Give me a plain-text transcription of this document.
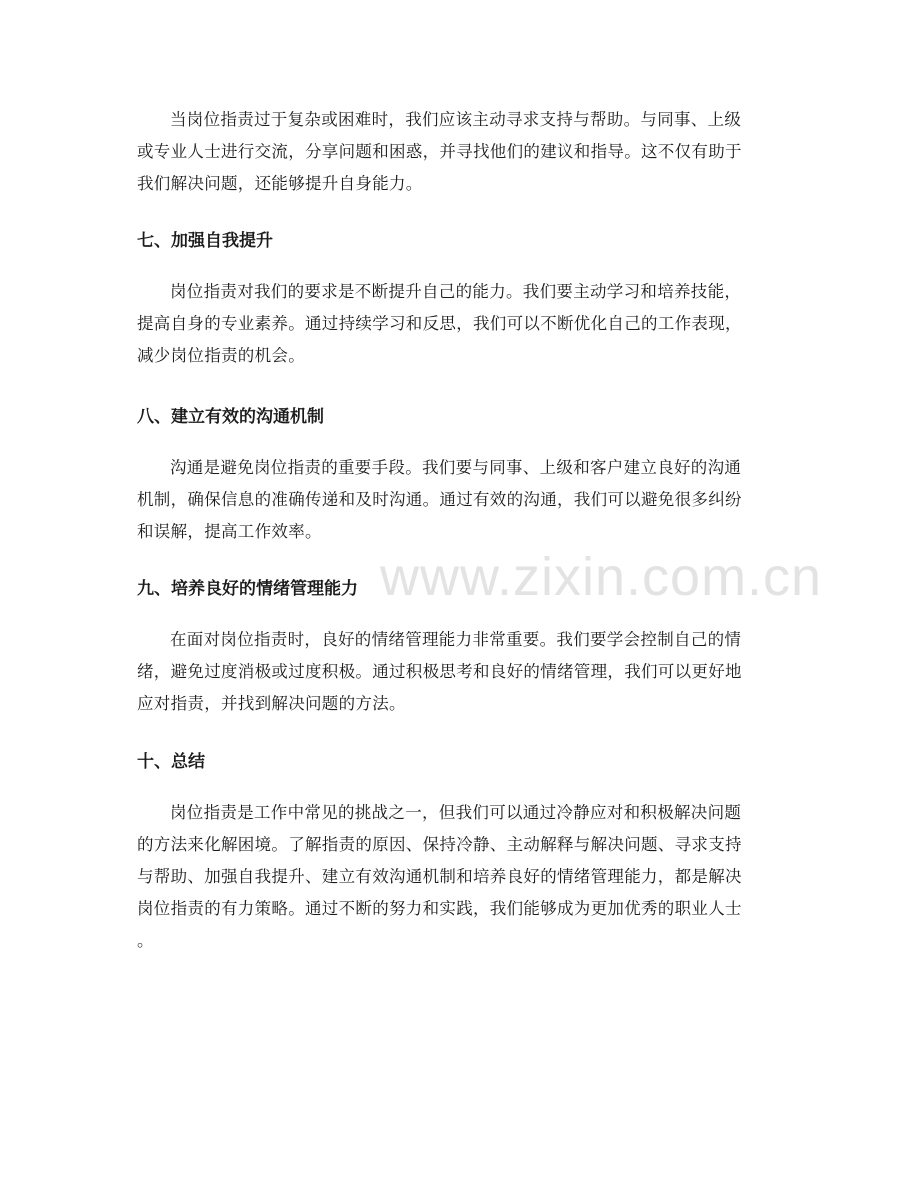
www.zixin.com.cn

当岗位指责过于复杂或困难时，我们应该主动寻求支持与帮助。与同事、上级
或专业人士进行交流，分享问题和困惑，并寻找他们的建议和指导。这不仅有助于
我们解决问题，还能够提升自身能力。

七、加强自我提升

岗位指责对我们的要求是不断提升自己的能力。我们要主动学习和培养技能，
提高自身的专业素养。通过持续学习和反思，我们可以不断优化自己的工作表现，
减少岗位指责的机会。

八、建立有效的沟通机制

沟通是避免岗位指责的重要手段。我们要与同事、上级和客户建立良好的沟通
机制，确保信息的准确传递和及时沟通。通过有效的沟通，我们可以避免很多纠纷
和误解，提高工作效率。

九、培养良好的情绪管理能力

在面对岗位指责时，良好的情绪管理能力非常重要。我们要学会控制自己的情
绪，避免过度消极或过度积极。通过积极思考和良好的情绪管理，我们可以更好地
应对指责，并找到解决问题的方法。

十、总结

岗位指责是工作中常见的挑战之一，但我们可以通过冷静应对和积极解决问题
的方法来化解困境。了解指责的原因、保持冷静、主动解释与解决问题、寻求支持
与帮助、加强自我提升、建立有效沟通机制和培养良好的情绪管理能力，都是解决
岗位指责的有力策略。通过不断的努力和实践，我们能够成为更加优秀的职业人士
。
